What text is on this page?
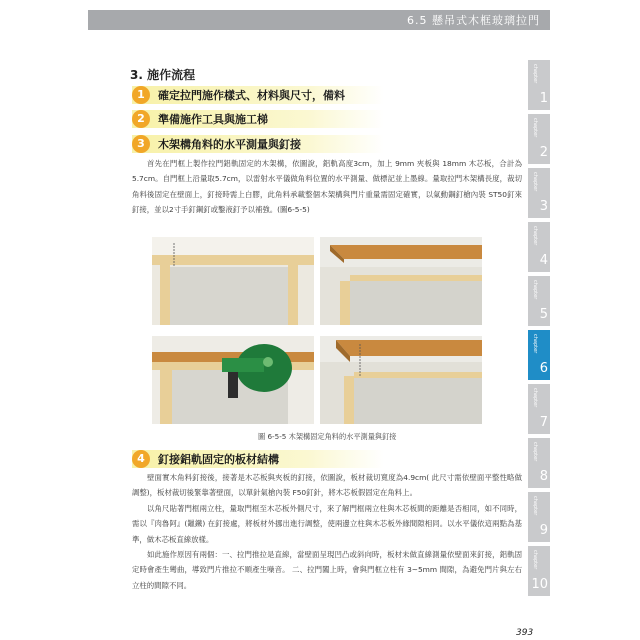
6.5 懸吊式木框玻璃拉門
3. 施作流程
1	確定拉門施作樣式、材料與尺寸，備料
2	準備施作工具與施工梯
3	木架構角料的水平測量與釘接

首先在門框上製作拉門鋁軌固定的木架構，依圖說，鋁軌高度3cm，加上 9mm 夾板與 18mm 木芯板，合計為5.7cm。自門框上沿量取5.7cm，以雷射水平儀做角料位置的水平測量、做標記並上墨線。量取拉門木架構長度，裁切角料後固定在壁面上，釘接時需上白膠，此角料承載整個木架構與門片重量需固定確實，以氣動鋼釘槍內裝 ST50釘來釘接，並以2寸手釘鋼釘或鑿液釘予以補強。(圖6-5-5)

圖 6-5-5 木架構固定角料的水平測量與釘接
4	釘接鋁軌固定的板材結構

壁面實木角料釘接後，接著是木芯板與夾板的釘接，依圖說，板材裁切寬度為4.9cm( 此尺寸需依壁面平整性略做調整)，板材裁切後緊靠著壁面，以單針氣槍內裝 F50釘針，將木芯板假固定在角料上。

以角尺貼著門框兩立柱，量取門框至木芯板外側尺寸，來了解門框兩立柱與木芯板間的距離是否相同，如不同時，需以『肉魯阿』(鑞鐵) 在釘接處，將板材外挪出進行調整，使兩邊立柱與木芯板外緣間隙相同。以水平儀依這兩點為基準，做木芯板直線放樣。

如此施作原因有兩個：一、拉門推拉是直線，當壁面呈現凹凸或斜向時，板材未做直線測量依壁面來釘接，鋁軌固定時會產生彎曲，導致門片推拉不順產生噪音。 二、拉門闔上時，會與門框立柱有 3~5mm 間隙，為避免門片與左右立柱的間隙不同。

chapter
1
chapter
2
chapter
3
chapter
4
chapter
5
chapter
6
chapter
7
chapter
8
chapter
9
chapter
10
393
